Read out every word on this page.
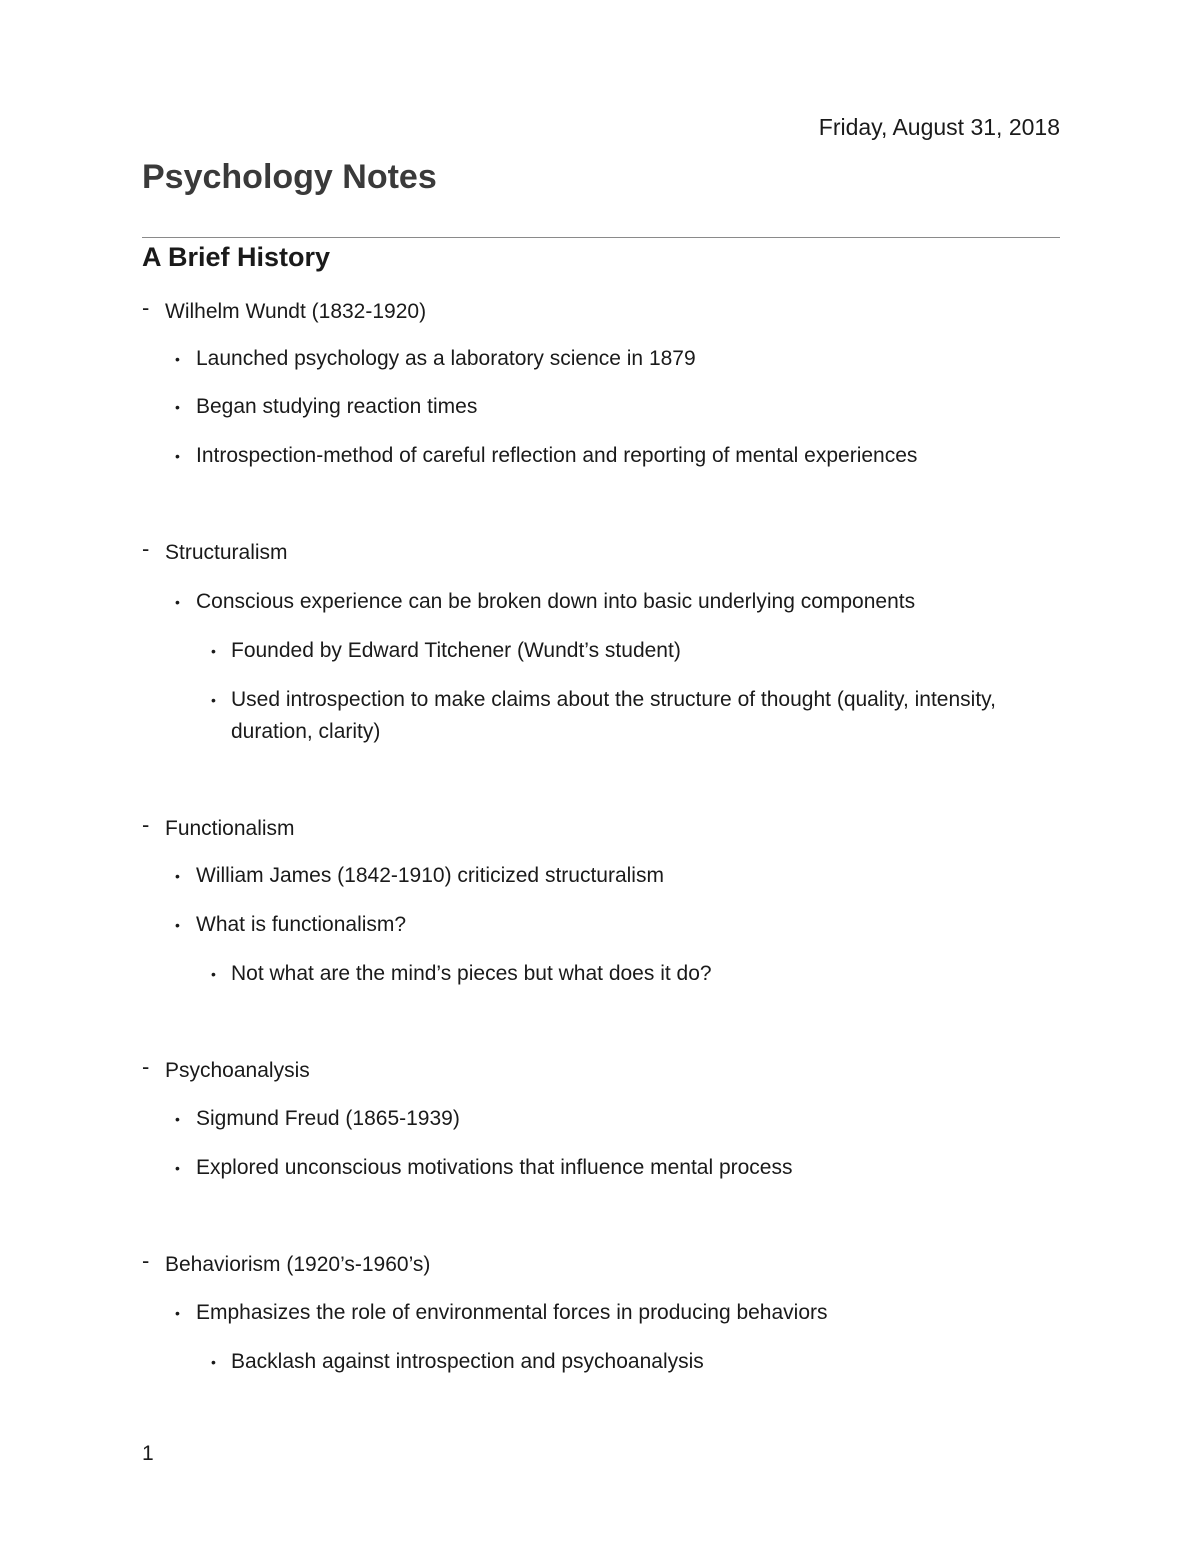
Friday, August 31, 2018
Psychology Notes
A Brief History
- Wilhelm Wundt (1832-1920)
• Launched psychology as a laboratory science in 1879
• Began studying reaction times
• Introspection-method of careful reflection and reporting of mental experiences
- Structuralism
• Conscious experience can be broken down into basic underlying components
• Founded by Edward Titchener (Wundt’s student)
• Used introspection to make claims about the structure of thought (quality, intensity, duration, clarity)
- Functionalism
• William James (1842-1910) criticized structuralism
• What is functionalism?
• Not what are the mind’s pieces but what does it do?
- Psychoanalysis
• Sigmund Freud (1865-1939)
• Explored unconscious motivations that influence mental process
- Behaviorism (1920’s-1960’s)
• Emphasizes the role of environmental forces in producing behaviors
• Backlash against introspection and psychoanalysis
1
